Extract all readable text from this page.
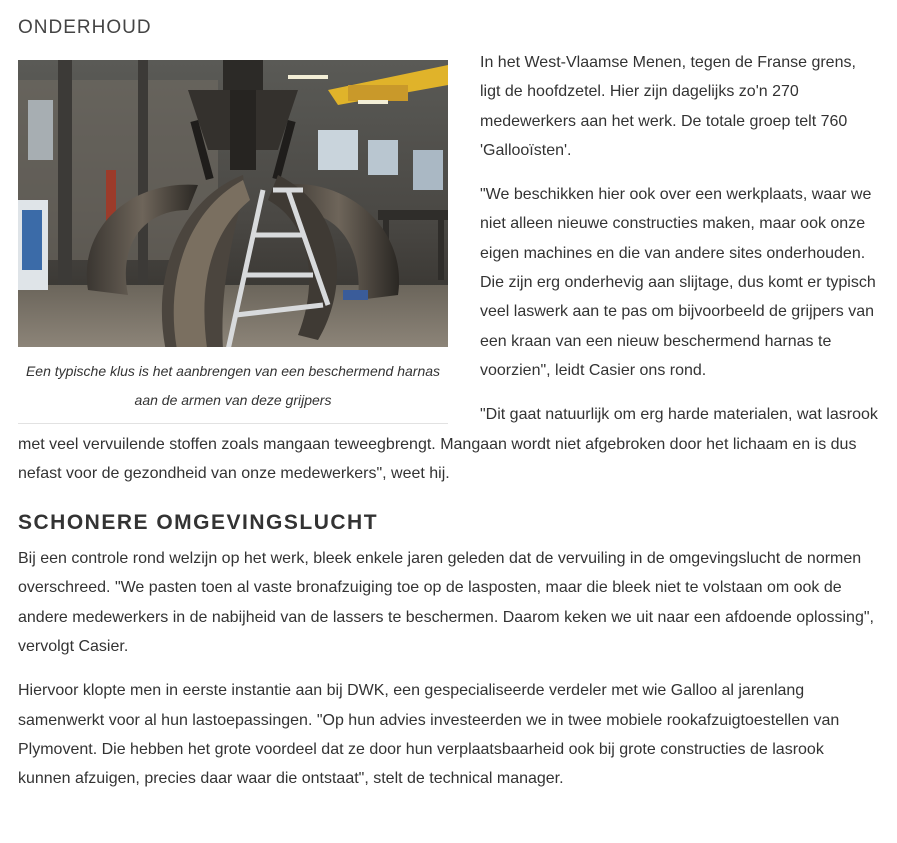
ONDERHOUD

Een typische klus is het aanbrengen van een beschermend harnas aan de armen van deze grijpers

In het West-Vlaamse Menen, tegen de Franse grens, ligt de hoofdzetel. Hier zijn dagelijks zo'n 270 medewerkers aan het werk. De totale groep telt 760 'Gallooïsten'.

"We beschikken hier ook over een werkplaats, waar we niet alleen nieuwe constructies maken, maar ook onze eigen machines en die van andere sites onderhouden. Die zijn erg onderhevig aan slijtage, dus komt er typisch veel laswerk aan te pas om bijvoorbeeld de grijpers van een kraan van een nieuw beschermend harnas te voorzien", leidt Casier ons rond.

"Dit gaat natuurlijk om erg harde materialen, wat lasrook met veel vervuilende stoffen zoals mangaan teweegbrengt. Mangaan wordt niet afgebroken door het lichaam en is dus nefast voor de gezondheid van onze medewerkers", weet hij.

SCHONERE OMGEVINGSLUCHT

Bij een controle rond welzijn op het werk, bleek enkele jaren geleden dat de vervuiling in de omgevingslucht de normen overschreed. "We pasten toen al vaste bronafzuiging toe op de lasposten, maar die bleek niet te volstaan om ook de andere medewerkers in de nabijheid van de lassers te beschermen. Daarom keken we uit naar een afdoende oplossing", vervolgt Casier.

Hiervoor klopte men in eerste instantie aan bij DWK, een gespecialiseerde verdeler met wie Galloo al jarenlang samenwerkt voor al hun lastoepassingen. "Op hun advies investeerden we in twee mobiele rookafzuigtoestellen van Plymovent. Die hebben het grote voordeel dat ze door hun verplaatsbaarheid ook bij grote constructies de lasrook kunnen afzuigen, precies daar waar die ontstaat", stelt de technical manager.
